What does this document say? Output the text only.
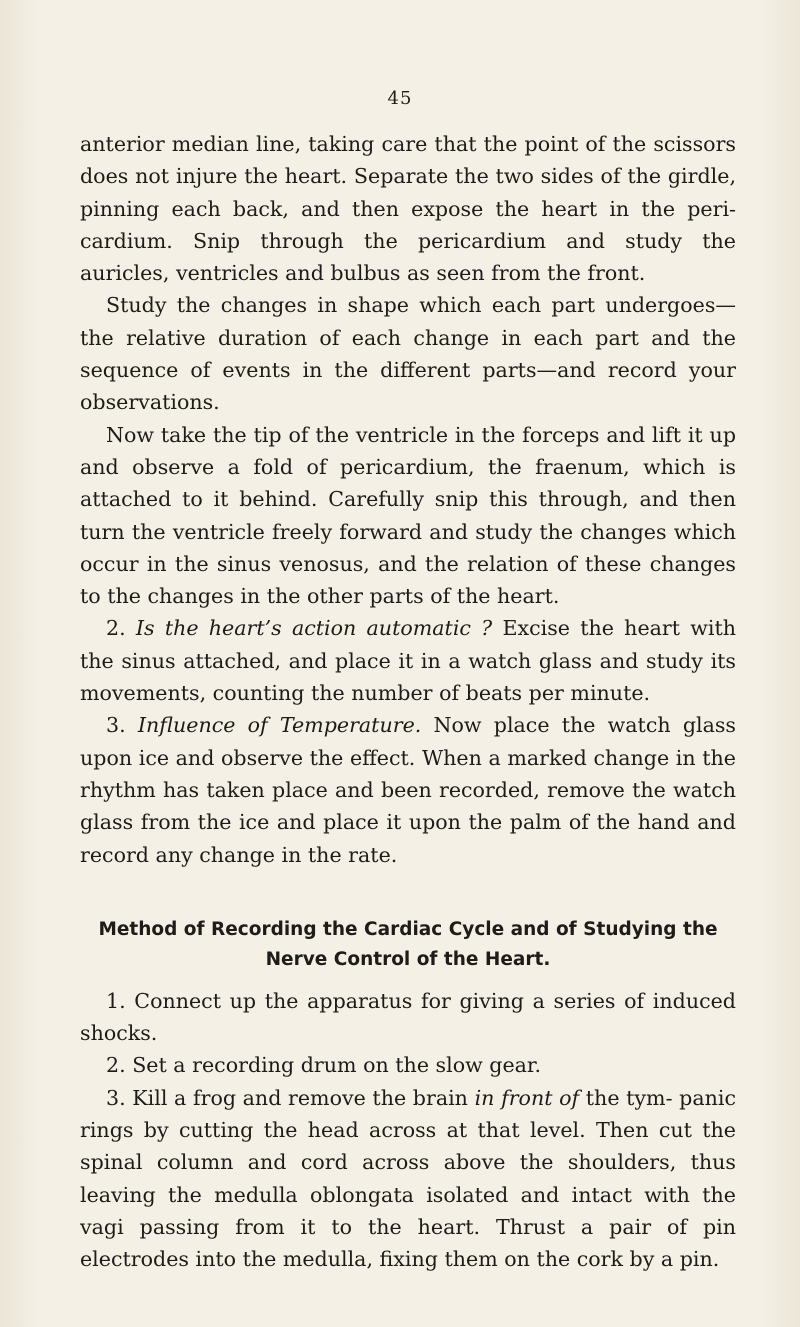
45

anterior median line, taking care that the point of the scissors does not injure the heart. Separate the two sides of the girdle, pinning each back, and then expose the heart in the peri- cardium. Snip through the pericardium and study the auricles, ventricles and bulbus as seen from the front.

Study the changes in shape which each part undergoes— the relative duration of each change in each part and the sequence of events in the different parts—and record your observations.

Now take the tip of the ventricle in the forceps and lift it up and observe a fold of pericardium, the fraenum, which is attached to it behind. Carefully snip this through, and then turn the ventricle freely forward and study the changes which occur in the sinus venosus, and the relation of these changes to the changes in the other parts of the heart.

2. Is the heart’s action automatic ? Excise the heart with the sinus attached, and place it in a watch glass and study its movements, counting the number of beats per minute.

3. Influence of Temperature. Now place the watch glass upon ice and observe the effect. When a marked change in the rhythm has taken place and been recorded, remove the watch glass from the ice and place it upon the palm of the hand and record any change in the rate.

Method of Recording the Cardiac Cycle and of Studying the
Nerve Control of the Heart.

1. Connect up the apparatus for giving a series of induced shocks.

2. Set a recording drum on the slow gear.

3. Kill a frog and remove the brain in front of the tym- panic rings by cutting the head across at that level. Then cut the spinal column and cord across above the shoulders, thus leaving the medulla oblongata isolated and intact with the vagi passing from it to the heart. Thrust a pair of pin electrodes into the medulla, fixing them on the cork by a pin.
